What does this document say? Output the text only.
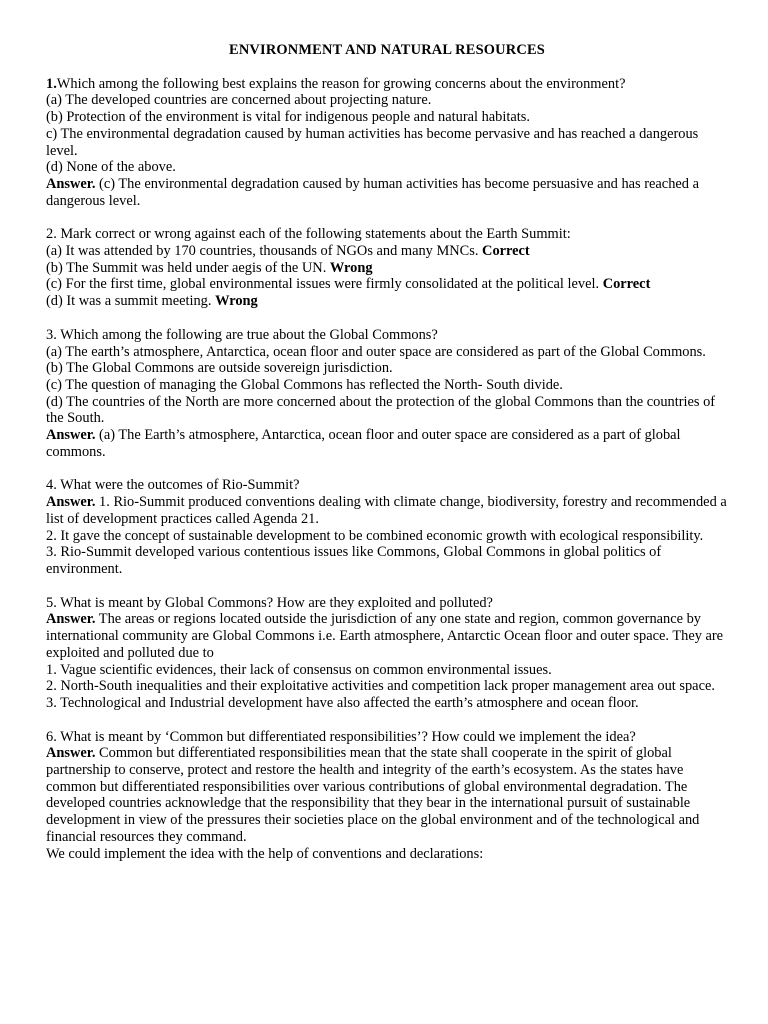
ENVIRONMENT AND NATURAL RESOURCES
1.Which among the following best explains the reason for growing concerns about the environment?
(a) The developed countries are concerned about projecting nature.
(b) Protection of the environment is vital for indigenous people and natural habitats.
c) The environmental degradation caused by human activities has become pervasive and has reached a dangerous level.
(d) None of the above.
Answer. (c) The environmental degradation caused by human activities has become persuasive and has reached a dangerous level.
2. Mark correct or wrong against each of the following statements about the Earth Summit:
(a) It was attended by 170 countries, thousands of NGOs and many MNCs. Correct
(b) The Summit was held under aegis of the UN. Wrong
(c) For the first time, global environmental issues were firmly consolidated at the political level. Correct
(d) It was a summit meeting. Wrong
3. Which among the following are true about the Global Commons?
(a) The earth’s atmosphere, Antarctica, ocean floor and outer space are considered as part of the Global Commons.
(b) The Global Commons are outside sovereign jurisdiction.
(c) The question of managing the Global Commons has reflected the North- South divide.
(d) The countries of the North are more concerned about the protection of the global Commons than the countries of the South.
Answer. (a) The Earth’s atmosphere, Antarctica, ocean floor and outer space are considered as a part of global commons.
4. What were the outcomes of Rio-Summit?
Answer. 1. Rio-Summit produced conventions dealing with climate change, biodiversity, forestry and recommended a list of development practices called Agenda 21.
2. It gave the concept of sustainable development to be combined economic growth with ecological responsibility.
3. Rio-Summit developed various contentious issues like Commons, Global Commons in global politics of environment.
5. What is meant by Global Commons? How are they exploited and polluted?
Answer. The areas or regions located outside the jurisdiction of any one state and region, common governance by international community are Global Commons i.e. Earth atmosphere, Antarctic Ocean floor and outer space. They are exploited and polluted due to
1. Vague scientific evidences, their lack of consensus on common environmental issues.
2. North-South inequalities and their exploitative activities and competition lack proper management area out space.
3. Technological and Industrial development have also affected the earth’s atmosphere and ocean floor.
6. What is meant by ‘Common but differentiated responsibilities’? How could we implement the idea?
Answer. Common but differentiated responsibilities mean that the state shall cooperate in the spirit of global partnership to conserve, protect and restore the health and integrity of the earth’s ecosystem. As the states have common but differentiated responsibilities over various contributions of global environmental degradation. The developed countries acknowledge that the responsibility that they bear in the international pursuit of sustainable development in view of the pressures their societies place on the global environment and of the technological and financial resources they command.
We could implement the idea with the help of conventions and declarations:
